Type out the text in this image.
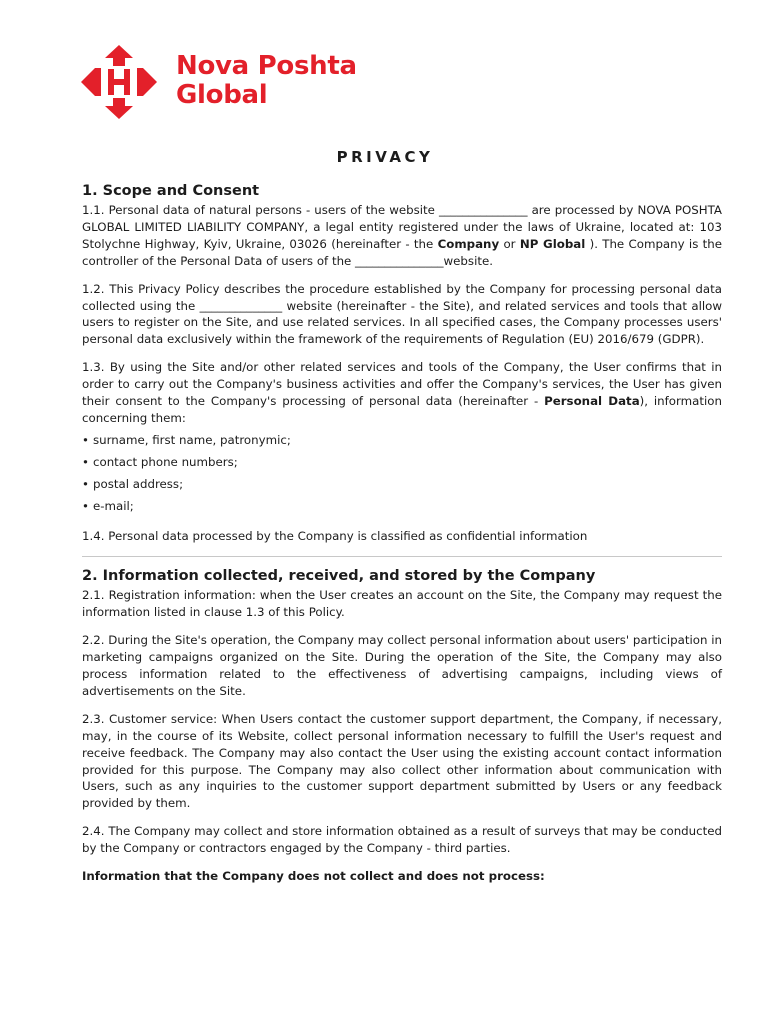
Nova Poshta
Global
PRIVACY
1. Scope and Consent

1.1. Personal data of natural persons - users of the website _______________ are processed by NOVA POSHTA GLOBAL LIMITED LIABILITY COMPANY, a legal entity registered under the laws of Ukraine, located at: 103 Stolychne Highway, Kyiv, Ukraine, 03026 (hereinafter - the Company or NP Global ). The Company is the controller of the Personal Data of users of the _______________website.

1.2. This Privacy Policy describes the procedure established by the Company for processing personal data collected using the ______________ website (hereinafter - the Site), and related services and tools that allow users to register on the Site, and use related services. In all specified cases, the Company processes users' personal data exclusively within the framework of the requirements of Regulation (EU) 2016/679 (GDPR).

1.3. By using the Site and/or other related services and tools of the Company, the User confirms that in order to carry out the Company's business activities and offer the Company's services, the User has given their consent to the Company's processing of personal data (hereinafter - Personal Data), information concerning them:

• surname, first name, patronymic;
• contact phone numbers;
• postal address;
• e-mail;

1.4. Personal data processed by the Company is classified as confidential information

2. Information collected, received, and stored by the Company

2.1. Registration information: when the User creates an account on the Site, the Company may request the information listed in clause 1.3 of this Policy.

2.2. During the Site's operation, the Company may collect personal information about users' participation in marketing campaigns organized on the Site. During the operation of the Site, the Company may also process information related to the effectiveness of advertising campaigns, including views of advertisements on the Site.

2.3. Customer service: When Users contact the customer support department, the Company, if necessary, may, in the course of its Website, collect personal information necessary to fulfill the User's request and receive feedback. The Company may also contact the User using the existing account contact information provided for this purpose. The Company may also collect other information about communication with Users, such as any inquiries to the customer support department submitted by Users or any feedback provided by them.

2.4. The Company may collect and store information obtained as a result of surveys that may be conducted by the Company or contractors engaged by the Company - third parties.

Information that the Company does not collect and does not process:
